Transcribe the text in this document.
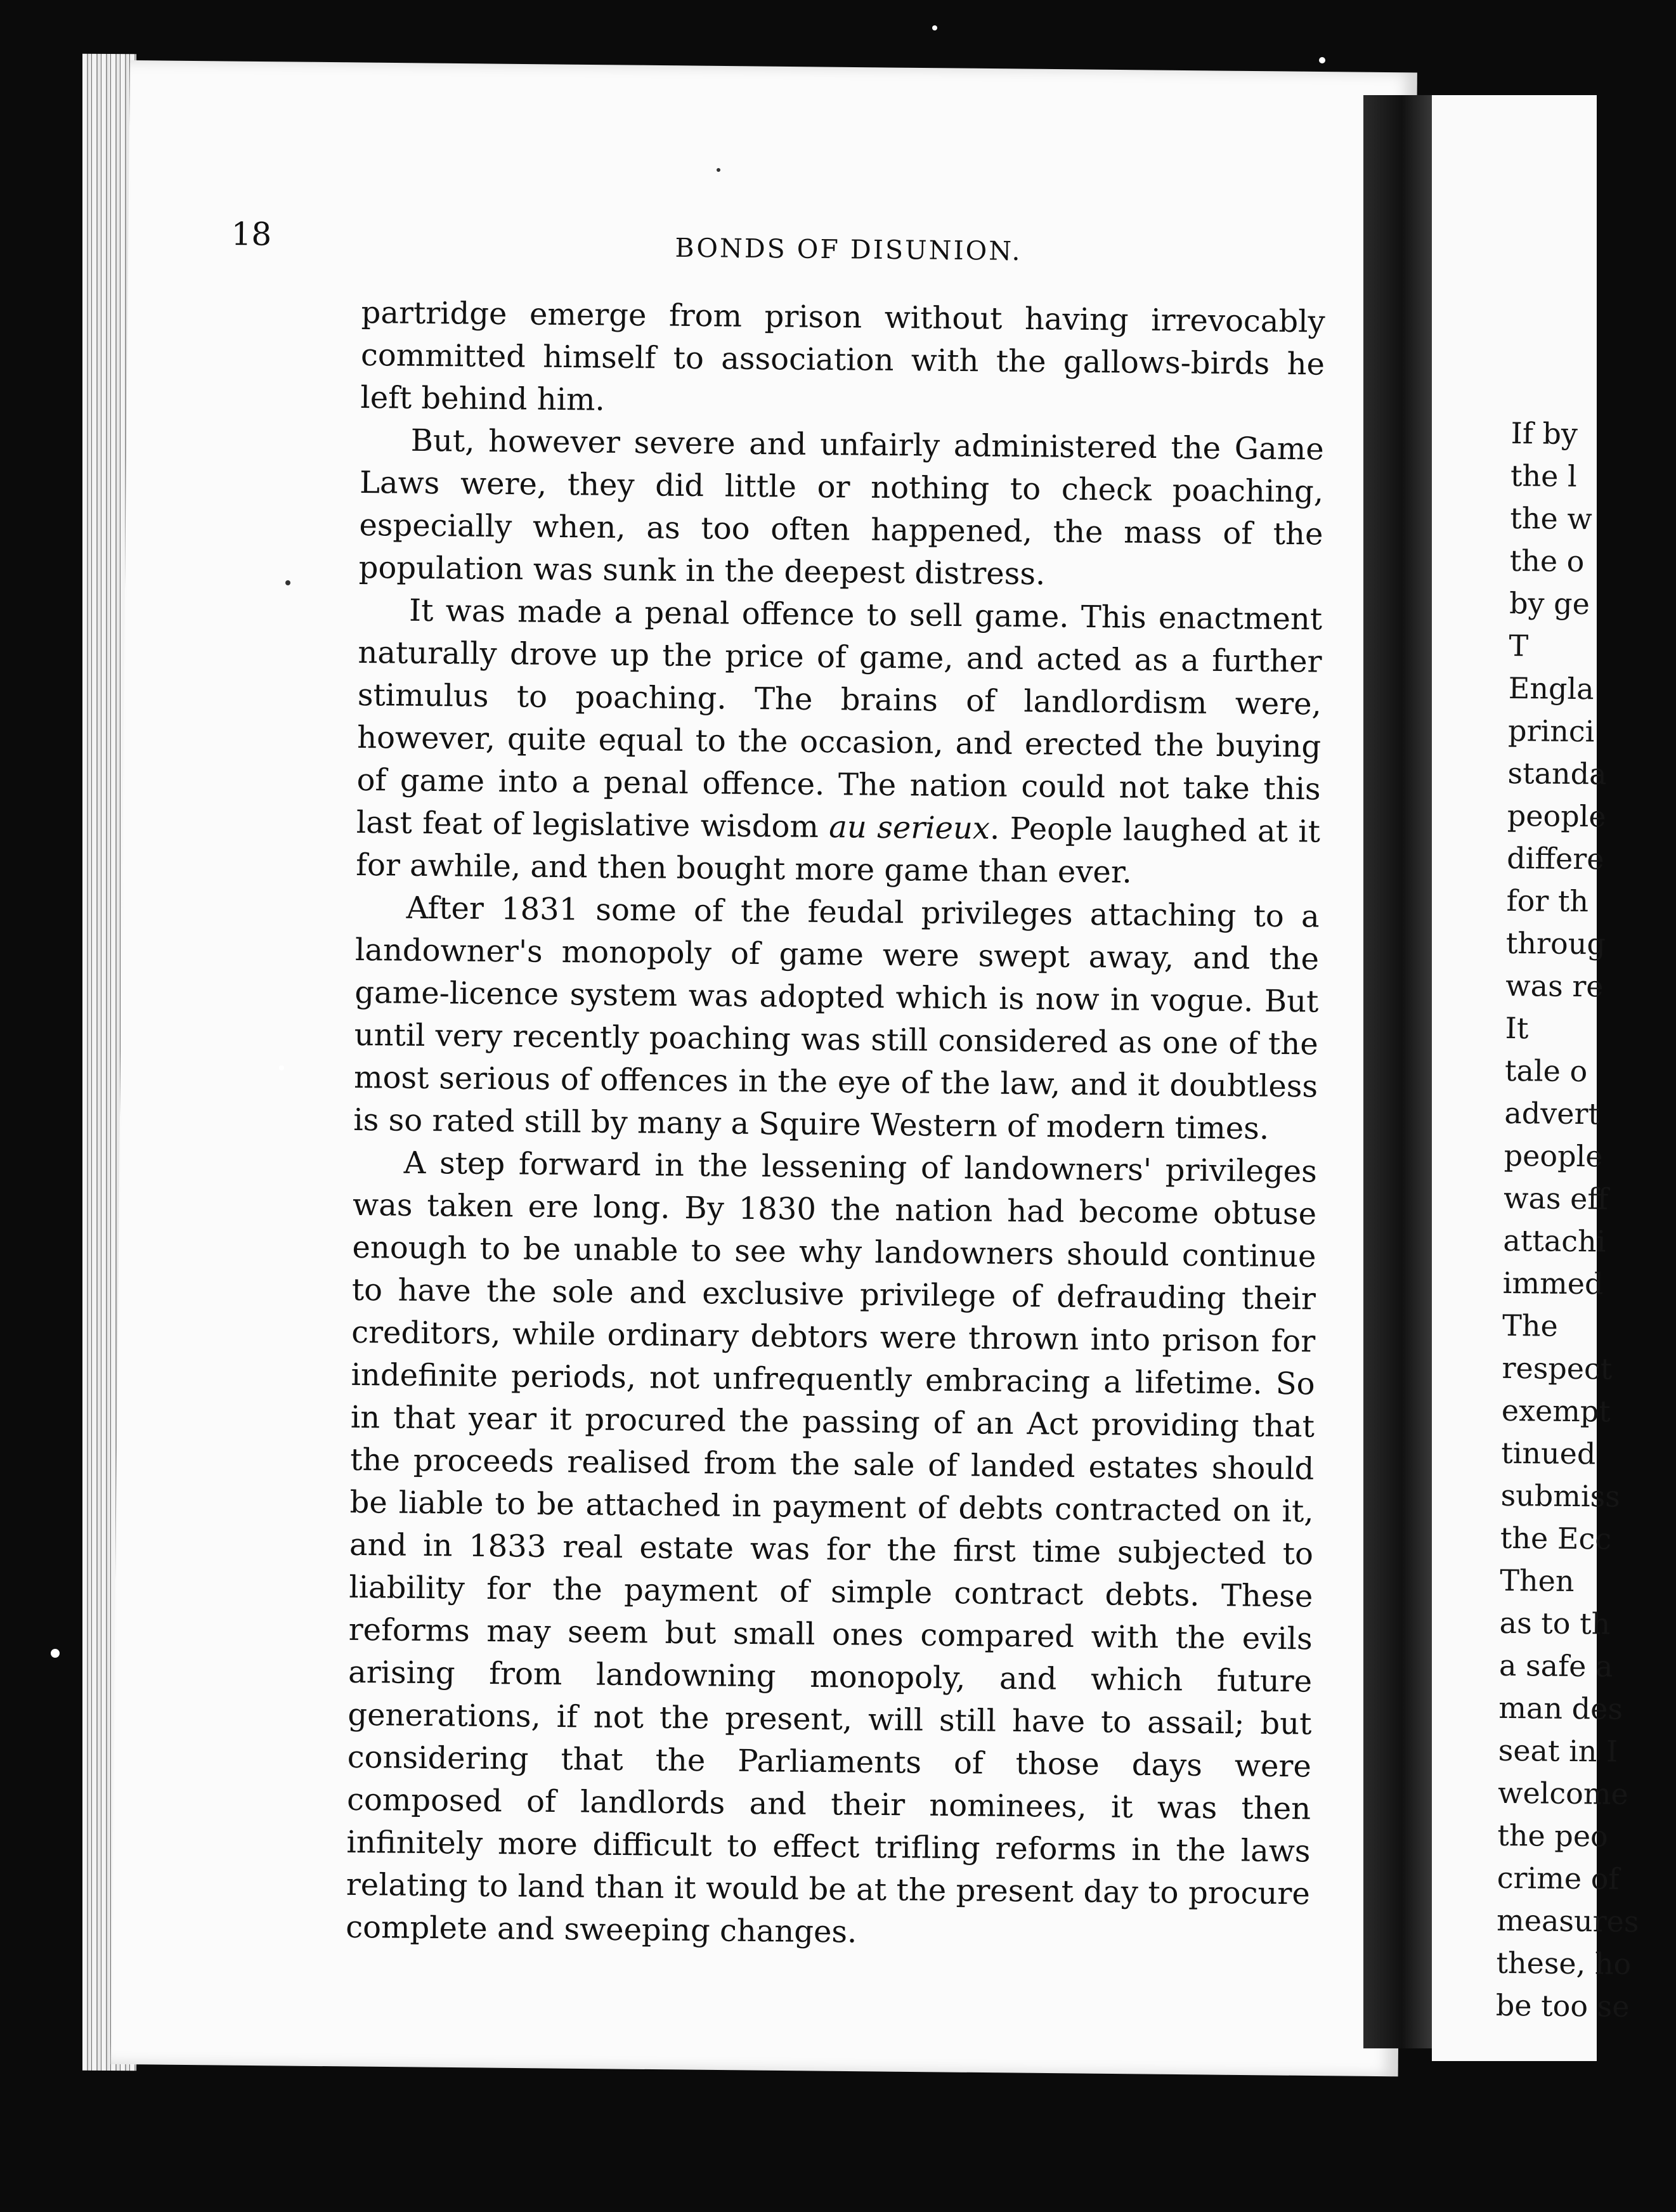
If by
the l
the w
the o
by ge
T
Engla
princi
standa
people
differe
for th
throug
was re
It
tale o
advert
people
was eff
attachi
immed
The
respect
exempt
tinued
submiss
the Ecc
Then
as to th
a safe a
man des
seat in I
welcome
the peo
crime of
measures
these, ho
be too se
18	BONDS OF DISUNION.

partridge emerge from prison without having irrevocably committed himself to association with the gallows-birds he left behind him.

But, however severe and unfairly administered the Game Laws were, they did little or nothing to check poaching, especially when, as too often happened, the mass of the population was sunk in the deepest distress.

It was made a penal offence to sell game. This enactment naturally drove up the price of game, and acted as a further stimulus to poaching. The brains of landlordism were, however, quite equal to the occasion, and erected the buying of game into a penal offence. The nation could not take this last feat of legislative wisdom au serieux. People laughed at it for awhile, and then bought more game than ever.

After 1831 some of the feudal privileges attaching to a landowner's monopoly of game were swept away, and the game-licence system was adopted which is now in vogue. But until very recently poaching was still considered as one of the most serious of offences in the eye of the law, and it doubtless is so rated still by many a Squire Western of modern times.

A step forward in the lessening of landowners' privileges was taken ere long. By 1830 the nation had become obtuse enough to be unable to see why landowners should continue to have the sole and exclusive privilege of defrauding their creditors, while ordinary debtors were thrown into prison for indefinite periods, not unfrequently embracing a lifetime. So in that year it procured the passing of an Act providing that the proceeds realised from the sale of landed estates should be liable to be attached in payment of debts contracted on it, and in 1833 real estate was for the first time subjected to liability for the payment of simple contract debts. These reforms may seem but small ones compared with the evils arising from landowning monopoly, and which future generations, if not the present, will still have to assail; but considering that the Parliaments of those days were composed of landlords and their nominees, it was then infinitely more difficult to effect trifling reforms in the laws relating to land than it would be at the present day to procure complete and sweeping changes.
